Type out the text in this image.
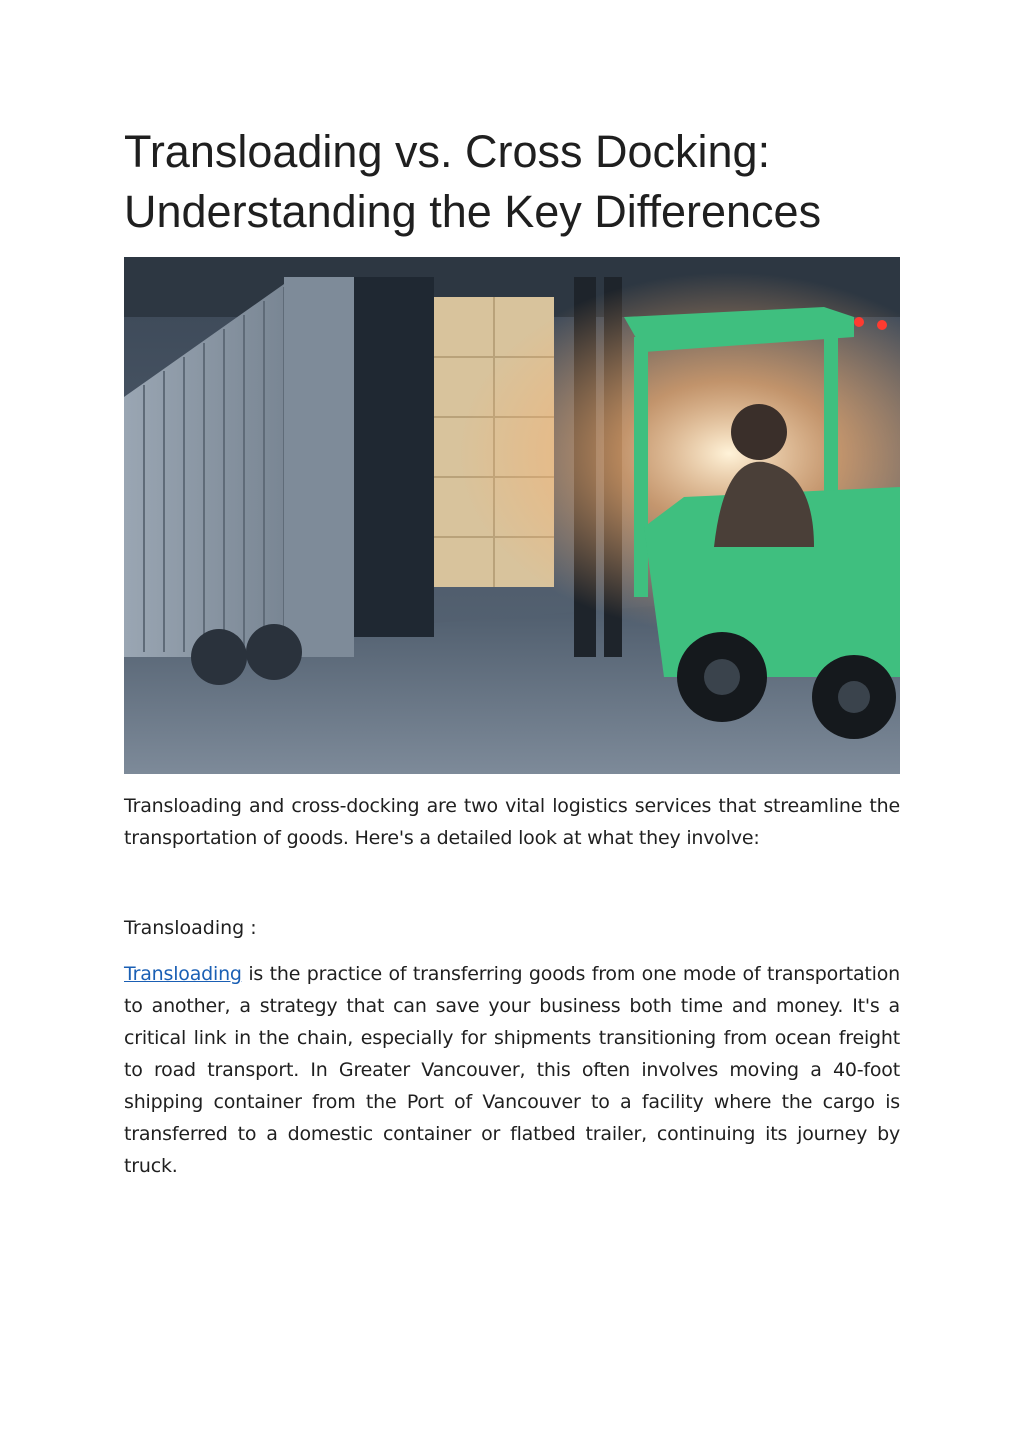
Transloading vs. Cross Docking:
Understanding the Key Differences

Transloading and cross-docking are two vital logistics services that streamline the transportation of goods. Here's a detailed look at what they involve:

Transloading :

Transloading is the practice of transferring goods from one mode of transportation to another, a strategy that can save your business both time and money. It's a critical link in the chain, especially for shipments transitioning from ocean freight to road transport. In Greater Vancouver, this often involves moving a 40-foot shipping container from the Port of Vancouver to a facility where the cargo is transferred to a domestic container or flatbed trailer, continuing its journey by truck.
